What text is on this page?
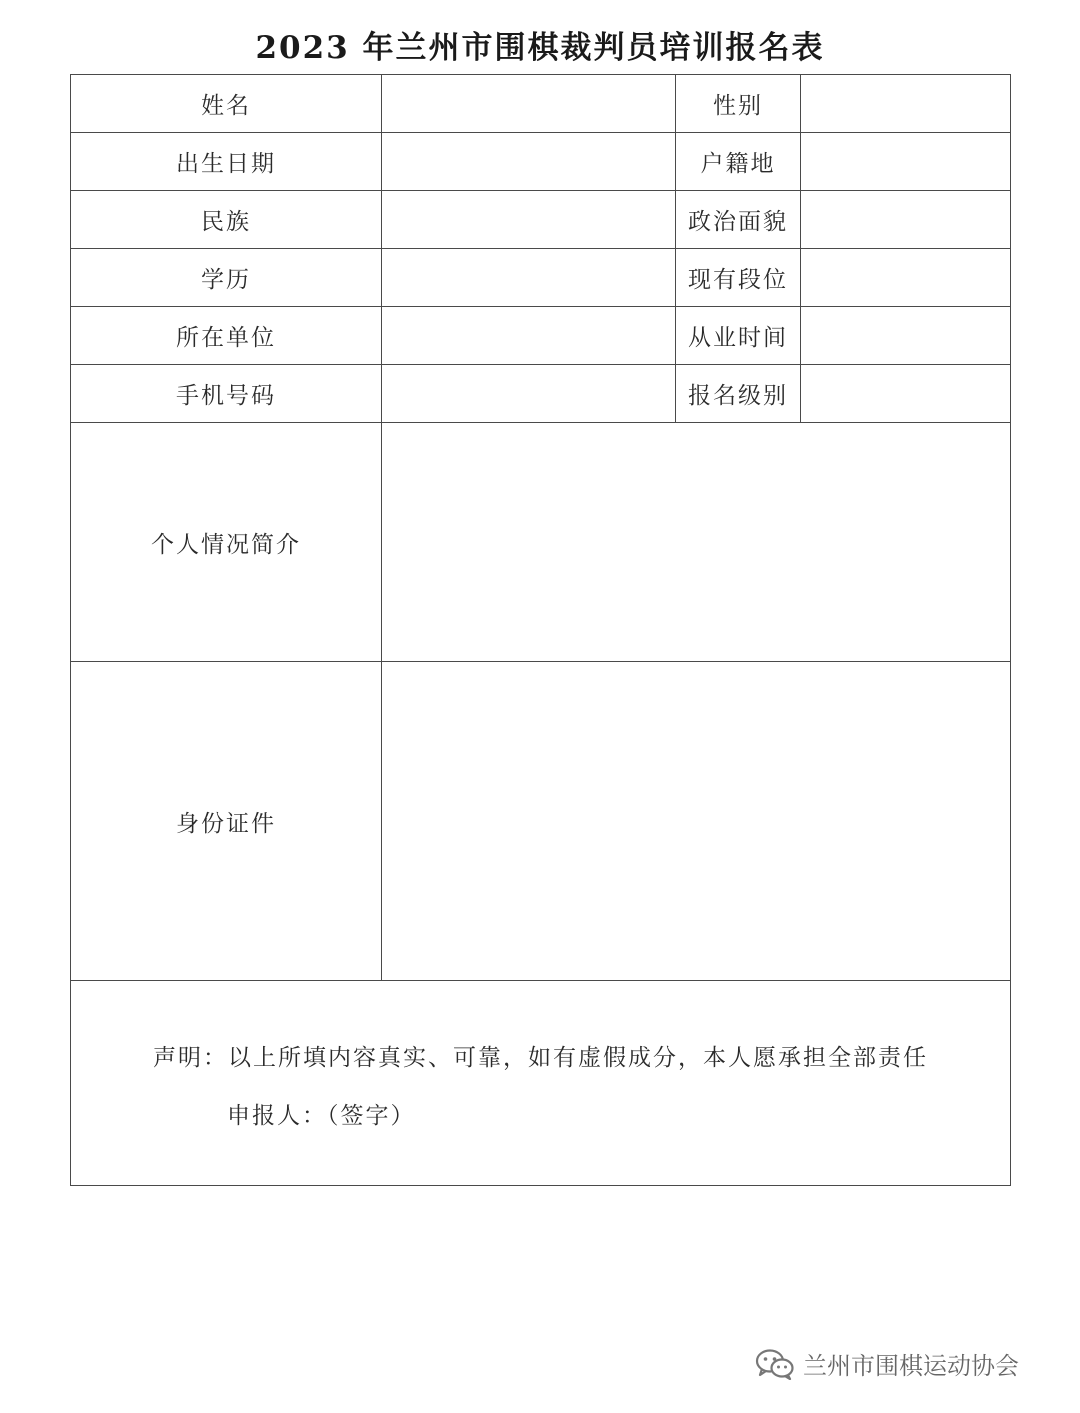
2023 年兰州市围棋裁判员培训报名表
姓名		性别	

出生日期		户籍地	

民族		政治面貌	

学历		现有段位	

所在单位		从业时间	

手机号码		报名级别	

个人情况简介			

身份证件			

声明：以上所填内容真实、可靠，如有虚假成分，本人愿承担全部责任
申报人：（签字）			
兰州市围棋运动协会
